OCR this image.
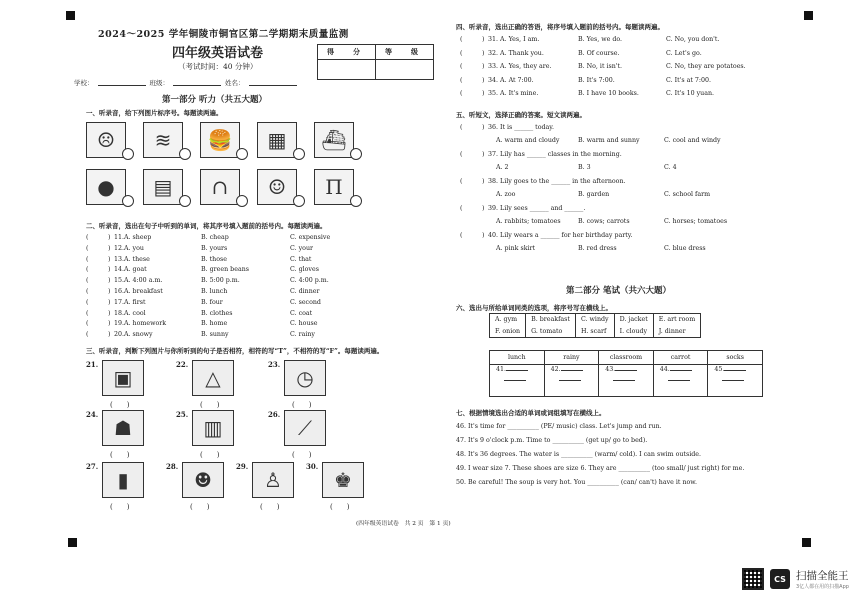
2024～2025 学年铜陵市铜官区第二学期期末质量监测
四年级英语试卷
（考试时间：40 分钟）
学校：	班级：	姓名：
得　分	等　级

第一部分 听力（共五大题）
一、听录音，给下列图片标序号。每题读两遍。
二、听录音，选出在句子中听到的单词，将其序号填入题前的括号内。每题读两遍。
三、听录音，判断下列图片与你所听到的句子是否相符，相符的写“T”，不相符的写“F”。每题读两遍。
四、听录音，选出正确的答语，将序号填入题前的括号内。每题读两遍。
五、听短文，选择正确的答案。短文读两遍。
第二部分 笔试（共六大题）
六、选出与所给单词同类的选项，将序号写在横线上。
A. gym	B. breakfast	C. windy	D. jacket	E. art room
F. onion	G. tomato	H. scarf	I. cloudy	J. dinner
lunch	rainy	classroom	carrot	socks
41.	42.	43.	44.	45.

七、根据情境选出合适的单词或词组填写在横线上。
(四年级英语试卷　共 2 页　第 1 页)
CS 扫描全能王
3亿人都在用的扫描App
☹	≋	🍔	▦	⛴
●	▤	∩	☺	Π
(	) 11. A. sheep	B. cheap	C. expensive
(	) 12. A. you	B. yours	C. your
(	) 13. A. these	B. those	C. that
(	) 14. A. goat	B. green beans	C. gloves
(	) 15. A. 4:00 a.m.	B. 5:00 p.m.	C. 4:00 p.m.
(	) 16. A. breakfast	B. lunch	C. dinner
(	) 17. A. first	B. four	C. second
(	) 18. A. cool	B. clothes	C. coat
(	) 19. A. homework	B. home	C. house
(	) 20. A. snowy	B. sunny	C. rainy
21.
▣
(　　)
22.
△
(　　)
23.
◷
(　　)
24.
☗
(　　)
25.
▥
(　　)
26.
⟋
(　　)
27.
▮
(　　)
28.
☻
(　　)
29.
♙
(　　)
30.
♚
(　　)
(	) 31. A. Yes, I am.	B. Yes, we do.	C. No, you don't.
(	) 32. A. Thank you.	B. Of course.	C. Let's go.
(	) 33. A. Yes, they are.	B. No, it isn't.	C. No, they are potatoes.
(	) 34. A. At 7:00.	B. It's 7:00.	C. It's at 7:00.
(	) 35. A. It's mine.	B. I have 10 books.	C. It's 10 yuan.
(	) 36. It is ______ today.
A. warm and cloudy	B. warm and sunny	C. cool and windy
(	) 37. Lily has ______ classes in the morning.
A. 2	B. 3	C. 4
(	) 38. Lily goes to the ______ in the afternoon.
A. zoo	B. garden	C. school farm
(	) 39. Lily sees ______ and ______.
A. rabbits; tomatoes	B. cows; carrots	C. horses; tomatoes
(	) 40. Lily wears a ______ for her birthday party.
A. pink skirt	B. red dress	C. blue dress
46. It's time for __________ (PE/ music) class. Let's jump and run.
47. It's 9 o'clock p.m. Time to __________ (get up/ go to bed).
48. It's 36 degrees. The water is __________ (warm/ cold). I can swim outside.
49. I wear size 7. These shoes are size 6. They are __________ (too small/ just right) for me.
50. Be careful! The soup is very hot. You __________ (can/ can't) have it now.
